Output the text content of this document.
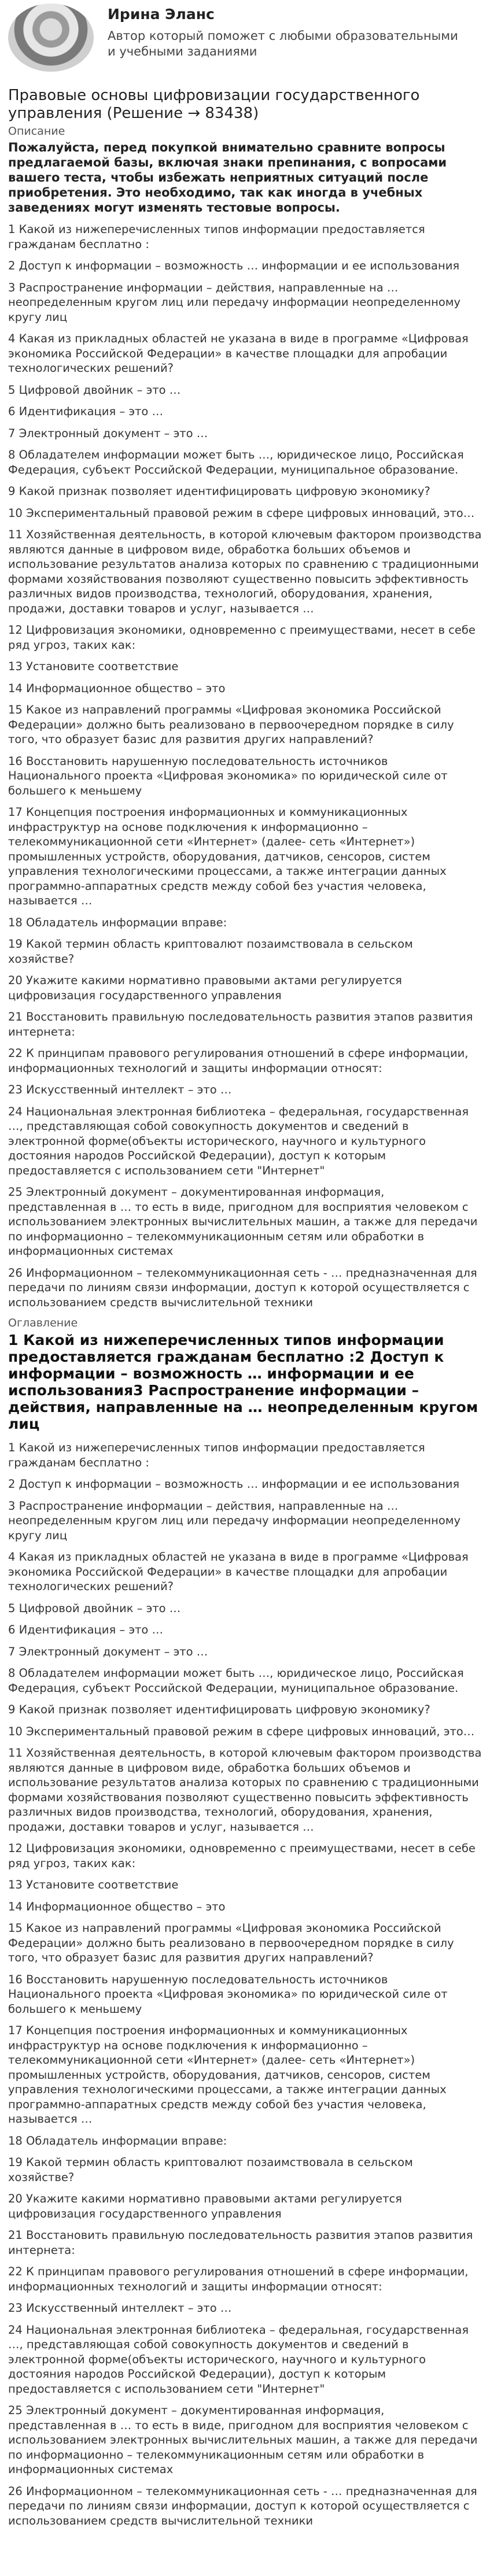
Ирина Эланс
Автор который поможет с любыми образовательными и учебными заданиями
Правовые основы цифровизации государственного управления (Решение → 83438)
Описание
Пожалуйста, перед покупкой внимательно сравните вопросы предлагаемой базы, включая знаки препинания, с вопросами вашего теста, чтобы избежать неприятных ситуаций после приобретения. Это необходимо, так как иногда в учебных заведениях могут изменять тестовые вопросы.

1 Какой из нижеперечисленных типов информации предоставляется гражданам бесплатно :

2 Доступ к информации – возможность … информации и ее использования

3 Распространение информации – действия, направленные на … неопределенным кругом лиц или передачу информации неопределенному кругу лиц

4 Какая из прикладных областей не указана в виде в программе «Цифровая экономика Российской Федерации» в качестве площадки для апробации технологических решений?

5 Цифровой двойник – это …

6 Идентификация – это …

7 Электронный документ – это …

8 Обладателем информации может быть …, юридическое лицо, Российская Федерация, субъект Российской Федерации, муниципальное образование.

9 Какой признак позволяет идентифицировать цифровую экономику?

10 Экспериментальный правовой режим в сфере цифровых инноваций, это…

11 Хозяйственная деятельность, в которой ключевым фактором производства являются данные в цифровом виде, обработка больших объемов и использование результатов анализа которых по сравнению с традиционными формами хозяйствования позволяют существенно повысить эффективность различных видов производства, технологий, оборудования, хранения, продажи, доставки товаров и услуг, называется …

12 Цифровизация экономики, одновременно с преимуществами, несет в себе ряд угроз, таких как:

13 Установите соответствие

14 Информационное общество – это

15 Какое из направлений программы «Цифровая экономика Российской Федерации» должно быть реализовано в первоочередном порядке в силу того, что образует базис для развития других направлений?

16 Восстановить нарушенную последовательность источников Национального проекта «Цифровая экономика» по юридической силе от большего к меньшему

17 Концепция построения информационных и коммуникационных инфраструктур на основе подключения к информационно – телекоммуникационной сети «Интернет» (далее- сеть «Интернет») промышленных устройств, оборудования, датчиков, сенсоров, систем управления технологическими процессами, а также интеграции данных программно-аппаратных средств между собой без участия человека, называется …

18 Обладатель информации вправе:

19 Какой термин область криптовалют позаимствовала в сельском хозяйстве?

20 Укажите какими нормативно правовыми актами регулируется цифровизация государственного управления

21 Восстановить правильную последовательность развития этапов развития интернета:

22 К принципам правового регулирования отношений в сфере информации, информационных технологий и защиты информации относят:

23 Искусственный интеллект – это …

24 Национальная электронная библиотека – федеральная, государственная …, представляющая собой совокупность документов и сведений в электронной форме(объекты исторического, научного и культурного достояния народов Российской Федерации), доступ к которым предоставляется с использованием сети "Интернет"

25 Электронный документ – документированная информация, представленная в … то есть в виде, пригодном для восприятия человеком с использованием электронных вычислительных машин, а также для передачи по информационно – телекоммуникационным сетям или обработки в информационных системах

26 Информационном – телекоммуникационная сеть - … предназначенная для передачи по линиям связи информации, доступ к которой осуществляется с использованием средств вычислительной техники

Оглавление
1 Какой из нижеперечисленных типов информации предоставляется гражданам бесплатно :2 Доступ к информации – возможность … информации и ее использования3 Распространение информации – действия, направленные на … неопределенным кругом лиц

1 Какой из нижеперечисленных типов информации предоставляется гражданам бесплатно :

2 Доступ к информации – возможность … информации и ее использования

3 Распространение информации – действия, направленные на … неопределенным кругом лиц или передачу информации неопределенному кругу лиц

4 Какая из прикладных областей не указана в виде в программе «Цифровая экономика Российской Федерации» в качестве площадки для апробации технологических решений?

5 Цифровой двойник – это …

6 Идентификация – это …

7 Электронный документ – это …

8 Обладателем информации может быть …, юридическое лицо, Российская Федерация, субъект Российской Федерации, муниципальное образование.

9 Какой признак позволяет идентифицировать цифровую экономику?

10 Экспериментальный правовой режим в сфере цифровых инноваций, это…

11 Хозяйственная деятельность, в которой ключевым фактором производства являются данные в цифровом виде, обработка больших объемов и использование результатов анализа которых по сравнению с традиционными формами хозяйствования позволяют существенно повысить эффективность различных видов производства, технологий, оборудования, хранения, продажи, доставки товаров и услуг, называется …

12 Цифровизация экономики, одновременно с преимуществами, несет в себе ряд угроз, таких как:

13 Установите соответствие

14 Информационное общество – это

15 Какое из направлений программы «Цифровая экономика Российской Федерации» должно быть реализовано в первоочередном порядке в силу того, что образует базис для развития других направлений?

16 Восстановить нарушенную последовательность источников Национального проекта «Цифровая экономика» по юридической силе от большего к меньшему

17 Концепция построения информационных и коммуникационных инфраструктур на основе подключения к информационно – телекоммуникационной сети «Интернет» (далее- сеть «Интернет») промышленных устройств, оборудования, датчиков, сенсоров, систем управления технологическими процессами, а также интеграции данных программно-аппаратных средств между собой без участия человека, называется …

18 Обладатель информации вправе:

19 Какой термин область криптовалют позаимствовала в сельском хозяйстве?

20 Укажите какими нормативно правовыми актами регулируется цифровизация государственного управления

21 Восстановить правильную последовательность развития этапов развития интернета:

22 К принципам правового регулирования отношений в сфере информации, информационных технологий и защиты информации относят:

23 Искусственный интеллект – это …

24 Национальная электронная библиотека – федеральная, государственная …, представляющая собой совокупность документов и сведений в электронной форме(объекты исторического, научного и культурного достояния народов Российской Федерации), доступ к которым предоставляется с использованием сети "Интернет"

25 Электронный документ – документированная информация, представленная в … то есть в виде, пригодном для восприятия человеком с использованием электронных вычислительных машин, а также для передачи по информационно – телекоммуникационным сетям или обработки в информационных системах

26 Информационном – телекоммуникационная сеть - … предназначенная для передачи по линиям связи информации, доступ к которой осуществляется с использованием средств вычислительной техники
